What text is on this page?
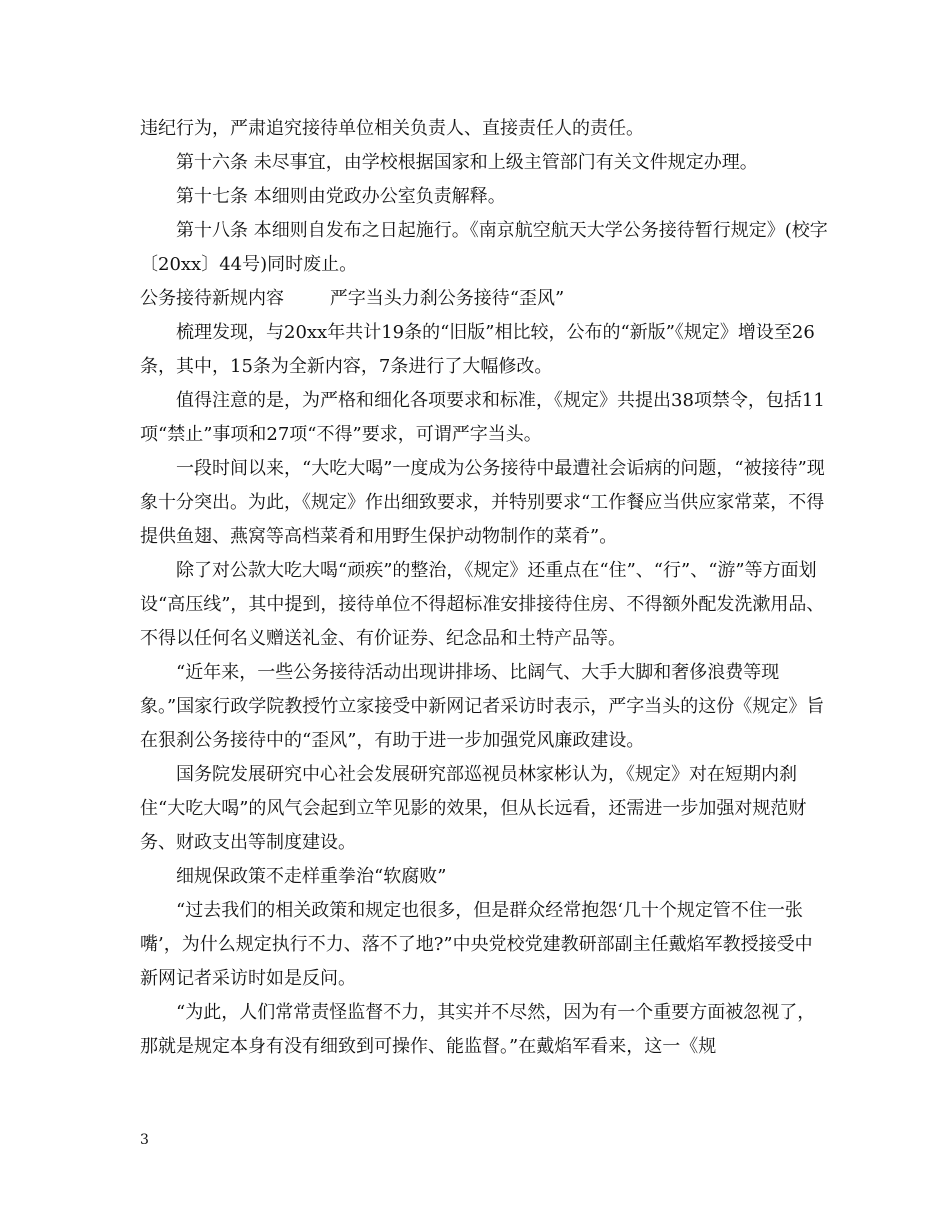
违纪行为，严肃追究接待单位相关负责人、直接责任人的责任。

第十六条 未尽事宜，由学校根据国家和上级主管部门有关文件规定办理。

第十七条 本细则由党政办公室负责解释。

第十八条 本细则自发布之日起施行。《南京航空航天大学公务接待暂行规定》(校字〔20xx〕44号)同时废止。

公务接待新规内容        严字当头力刹公务接待“歪风”

梳理发现，与20xx年共计19条的“旧版”相比较，公布的“新版”《规定》增设至26条，其中，15条为全新内容，7条进行了大幅修改。

值得注意的是，为严格和细化各项要求和标准，《规定》共提出38项禁令，包括11项“禁止”事项和27项“不得”要求，可谓严字当头。

一段时间以来，“大吃大喝”一度成为公务接待中最遭社会诟病的问题，“被接待”现象十分突出。为此，《规定》作出细致要求，并特别要求“工作餐应当供应家常菜，不得提供鱼翅、燕窝等高档菜肴和用野生保护动物制作的菜肴”。

除了对公款大吃大喝“顽疾”的整治，《规定》还重点在“住”、“行”、“游”等方面划设“高压线”，其中提到，接待单位不得超标准安排接待住房、不得额外配发洗漱用品、不得以任何名义赠送礼金、有价证券、纪念品和土特产品等。

“近年来，一些公务接待活动出现讲排场、比阔气、大手大脚和奢侈浪费等现象。”国家行政学院教授竹立家接受中新网记者采访时表示，严字当头的这份《规定》旨在狠刹公务接待中的“歪风”，有助于进一步加强党风廉政建设。

国务院发展研究中心社会发展研究部巡视员林家彬认为，《规定》对在短期内刹住“大吃大喝”的风气会起到立竿见影的效果，但从长远看，还需进一步加强对规范财务、财政支出等制度建设。

细规保政策不走样重拳治“软腐败”

“过去我们的相关政策和规定也很多，但是群众经常抱怨‘几十个规定管不住一张嘴’，为什么规定执行不力、落不了地?”中央党校党建教研部副主任戴焰军教授接受中新网记者采访时如是反问。

“为此，人们常常责怪监督不力，其实并不尽然，因为有一个重要方面被忽视了，那就是规定本身有没有细致到可操作、能监督。”在戴焰军看来，这一《规

3
